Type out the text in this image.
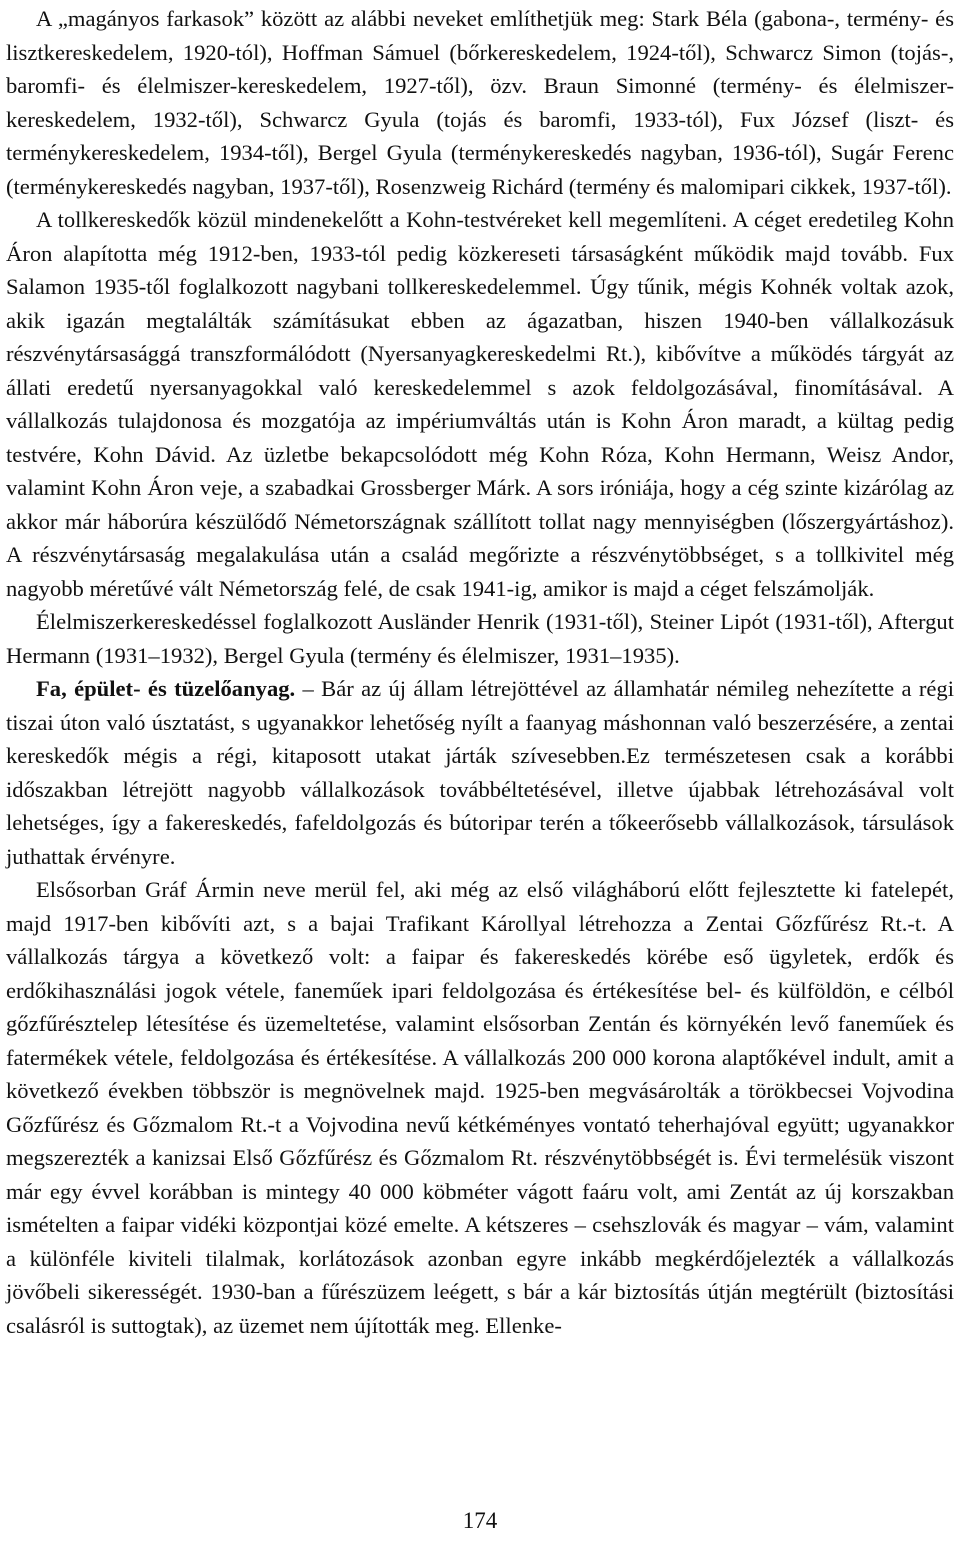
A „magányos farkasok” között az alábbi neveket említhetjük meg: Stark Béla (gabona-, termény- és lisztkereskedelem, 1920-tól), Hoffman Sámuel (bőrkereskedelem, 1924-től), Schwarcz Simon (tojás-, baromfi- és élelmiszer-kereskedelem, 1927-től), özv. Braun Simonné (termény- és élelmiszer-kereskedelem, 1932-től), Schwarcz Gyula (tojás és baromfi, 1933-tól), Fux József (liszt- és terménykereskedelem, 1934-től), Bergel Gyula (terménykereskedés nagyban, 1936-tól), Sugár Ferenc (terménykereskedés nagyban, 1937-től), Rosenzweig Richárd (termény és malomipari cikkek, 1937-től).

A tollkereskedők közül mindenekelőtt a Kohn-testvéreket kell megemlíteni. A céget eredetileg Kohn Áron alapította még 1912-ben, 1933-tól pedig közkereseti társaságként működik majd tovább. Fux Salamon 1935-től foglalkozott nagybani tollkereskedelemmel. Úgy tűnik, mégis Kohnék voltak azok, akik igazán megtalálták számításukat ebben az ágazatban, hiszen 1940-ben vállalkozásuk részvénytársasággá transzformálódott (Nyersanyagkereskedelmi Rt.), kibővítve a működés tárgyát az állati eredetű nyersanyagokkal való kereskedelemmel s azok feldolgozásával, finomításával. A vállalkozás tulajdonosa és mozgatója az impériumváltás után is Kohn Áron maradt, a kültag pedig testvére, Kohn Dávid. Az üzletbe bekapcsolódott még Kohn Róza, Kohn Hermann, Weisz Andor, valamint Kohn Áron veje, a szabadkai Grossberger Márk. A sors iróniája, hogy a cég szinte kizárólag az akkor már háborúra készülődő Németországnak szállított tollat nagy mennyiségben (lőszergyártáshoz). A részvénytársaság megalakulása után a család megőrizte a részvénytöbbséget, s a tollkivitel még nagyobb méretűvé vált Németország felé, de csak 1941-ig, amikor is majd a céget felszámolják.

Élelmiszerkereskedéssel foglalkozott Ausländer Henrik (1931-től), Steiner Lipót (1931-től), Aftergut Hermann (1931–1932), Bergel Gyula (termény és élelmiszer, 1931–1935).

Fa, épület- és tüzelőanyag. – Bár az új állam létrejöttével az államhatár némileg nehezítette a régi tiszai úton való úsztatást, s ugyanakkor lehetőség nyílt a faanyag máshonnan való beszerzésére, a zentai kereskedők mégis a régi, kitaposott utakat járták szívesebben.Ez természetesen csak a korábbi időszakban létrejött nagyobb vállalkozások továbbéltetésével, illetve újabbak létrehozásával volt lehetséges, így a fakereskedés, fafeldolgozás és bútoripar terén a tőkeerősebb vállalkozások, társulások juthattak érvényre.

Elsősorban Gráf Ármin neve merül fel, aki még az első világháború előtt fejlesztette ki fatelepét, majd 1917-ben kibővíti azt, s a bajai Trafikant Károllyal létrehozza a Zentai Gőzfűrész Rt.-t. A vállalkozás tárgya a következő volt: a faipar és fakereskedés körébe eső ügyletek, erdők és erdőkihasználási jogok vétele, faneműek ipari feldolgozása és értékesítése bel- és külföldön, e célból gőzfűrésztelep létesítése és üzemeltetése, valamint elsősorban Zentán és környékén levő faneműek és fatermékek vétele, feldolgozása és értékesítése. A vállalkozás 200 000 korona alaptőkével indult, amit a következő években többször is megnövelnek majd. 1925-ben megvásárolták a törökbecsei Vojvodina Gőzfűrész és Gőzmalom Rt.-t a Vojvodina nevű kétkéményes vontató teherhajóval együtt; ugyanakkor megszerezték a kanizsai Első Gőzfűrész és Gőzmalom Rt. részvénytöbbségét is. Évi termelésük viszont már egy évvel korábban is mintegy 40 000 köbméter vágott faáru volt, ami Zentát az új korszakban ismételten a faipar vidéki központjai közé emelte. A kétszeres – csehszlovák és magyar – vám, valamint a különféle kiviteli tilalmak, korlátozások azonban egyre inkább megkérdőjelezték a vállalkozás jövőbeli sikerességét. 1930-ban a fűrészüzem leégett, s bár a kár biztosítás útján megtérült (biztosítási csalásról is suttogtak), az üzemet nem újították meg. Ellenke-

174
